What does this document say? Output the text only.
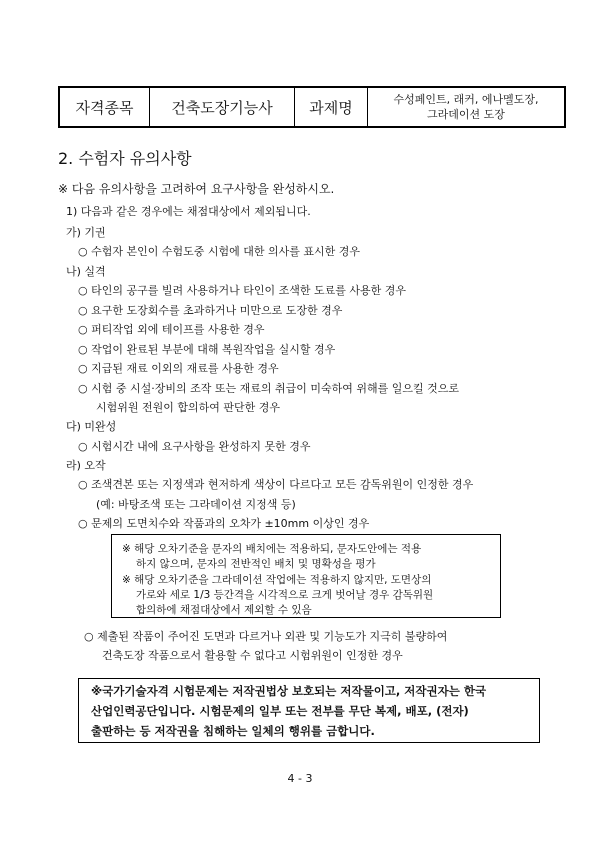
자격종목	건축도장기능사	과제명	수성페인트, 래커, 에나멜도장,
그라데이션 도장
2. 수험자 유의사항
※ 다음 유의사항을 고려하여 요구사항을 완성하시오.
1) 다음과 같은 경우에는 채점대상에서 제외됩니다.
가) 기권
○ 수험자 본인이 수험도중 시험에 대한 의사를 표시한 경우
나) 실격
○ 타인의 공구를 빌려 사용하거나 타인이 조색한 도료를 사용한 경우
○ 요구한 도장회수를 초과하거나 미만으로 도장한 경우
○ 퍼티작업 외에 테이프를 사용한 경우
○ 작업이 완료된 부분에 대해 복원작업을 실시할 경우
○ 지급된 재료 이외의 재료를 사용한 경우
○ 시험 중 시설·장비의 조작 또는 재료의 취급이 미숙하여 위해를 일으킬 것으로
시험위원 전원이 합의하여 판단한 경우
다) 미완성
○ 시험시간 내에 요구사항을 완성하지 못한 경우
라) 오작
○ 조색견본 또는 지정색과 현저하게 색상이 다르다고 모든 감독위원이 인정한 경우
(예: 바탕조색 또는 그라데이션 지정색 등)
○ 문제의 도면치수와 작품과의 오차가 ±10mm 이상인 경우
※ 해당 오차기준을 문자의 배치에는 적용하되, 문자도안에는 적용
하지 않으며, 문자의 전반적인 배치 및 명확성을 평가
※ 해당 오차기준을 그라데이션 작업에는 적용하지 않지만, 도면상의
가로와 세로 1/3 등간격을 시각적으로 크게 벗어날 경우 감독위원
합의하에 채점대상에서 제외할 수 있음
○ 제출된 작품이 주어진 도면과 다르거나 외관 및 기능도가 지극히 불량하여
건축도장 작품으로서 활용할 수 없다고 시험위원이 인정한 경우
※국가기술자격 시험문제는 저작권법상 보호되는 저작물이고, 저작권자는 한국
산업인력공단입니다. 시험문제의 일부 또는 전부를 무단 복제, 배포, (전자)
출판하는 등 저작권을 침해하는 일체의 행위를 금합니다.
4 - 3
